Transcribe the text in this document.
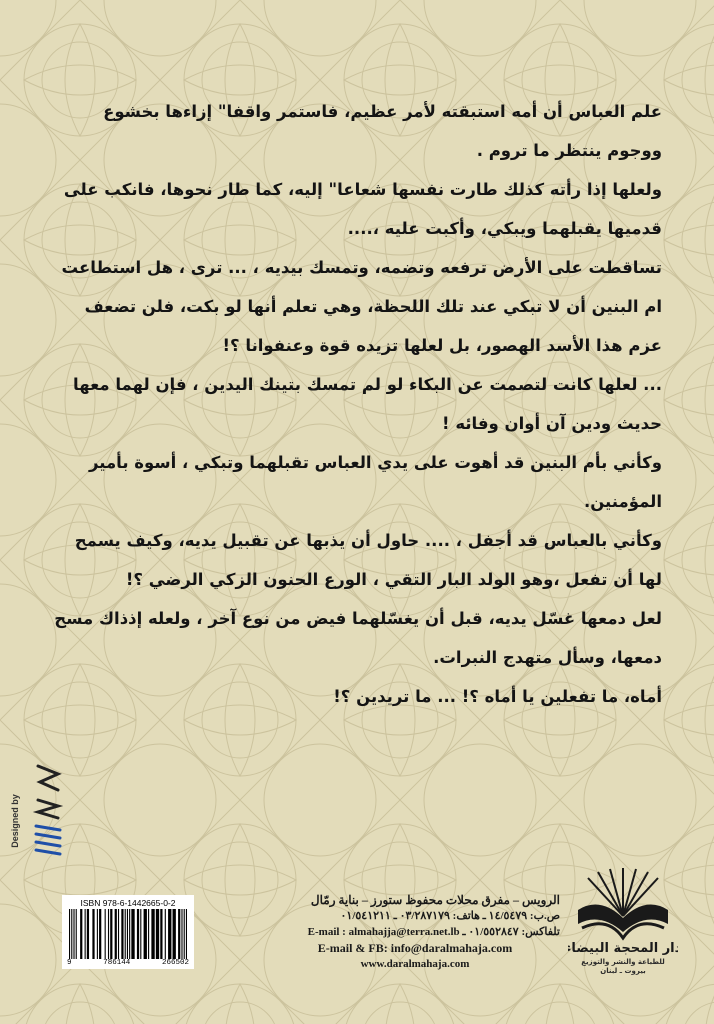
علم العباس أن أمه استبقته لأمر عظيم، فاستمر واقفا" إزاءها بخشوع ووجوم ينتظر ما تروم .

ولعلها إذا رأته كذلك طارت نفسها شعاعا" إليه، كما طار نحوها، فانكب على قدميها يقبلهما ويبكي، وأكبت عليه ،....

تساقطت على الأرض ترفعه وتضمه، وتمسك بيديه ، ... ترى ، هل استطاعت ام البنين أن لا تبكي عند تلك اللحظة، وهي تعلم أنها لو بكت، فلن تضعف عزم هذا الأسد الهصور، بل لعلها تزيده قوة وعنفوانا ؟!

... لعلها كانت لتصمت عن البكاء لو لم تمسك بتينك اليدين ، فإن لهما معها حديث ودين آن أوان وفائه !

وكأني بأم البنين قد أهوت على يدي العباس تقبلهما وتبكي ، أسوة بأمير المؤمنين.

وكأني بالعباس قد أجفل ، .... حاول أن يذبها عن تقبيل يديه، وكيف يسمح لها أن تفعل ،وهو الولد البار التقي ، الورع الحنون الزكي الرضي ؟!

لعل دمعها غسّل يديه، قبل أن يغسّلهما فيض من نوع آخر ، ولعله إذذاك مسح دمعها، وسأل متهدج النبرات.

أماه، ما تفعلين يا أماه ؟! ... ما تريدين ؟!

Designed by
ISBN 978-6-1442665-0-2
9	786144	266502
الرويس – مفرق محلات محفوظ ستورز – بناية رمّال
ص.ب: ١٤/٥٤٧٩ ـ هاتف: ٠٣/٢٨٧١٧٩ ـ ٠١/٥٤١٢١١
E-mail : almahajja@terra.net.lb تلفاكس: ٠١/٥٥٢٨٤٧ ـ
E-mail & FB: info@daralmahaja.com
www.daralmahaja.com
دار المحجة البيضاء
للطباعة والنشر والتوزيع
بيروت ـ لبنان
